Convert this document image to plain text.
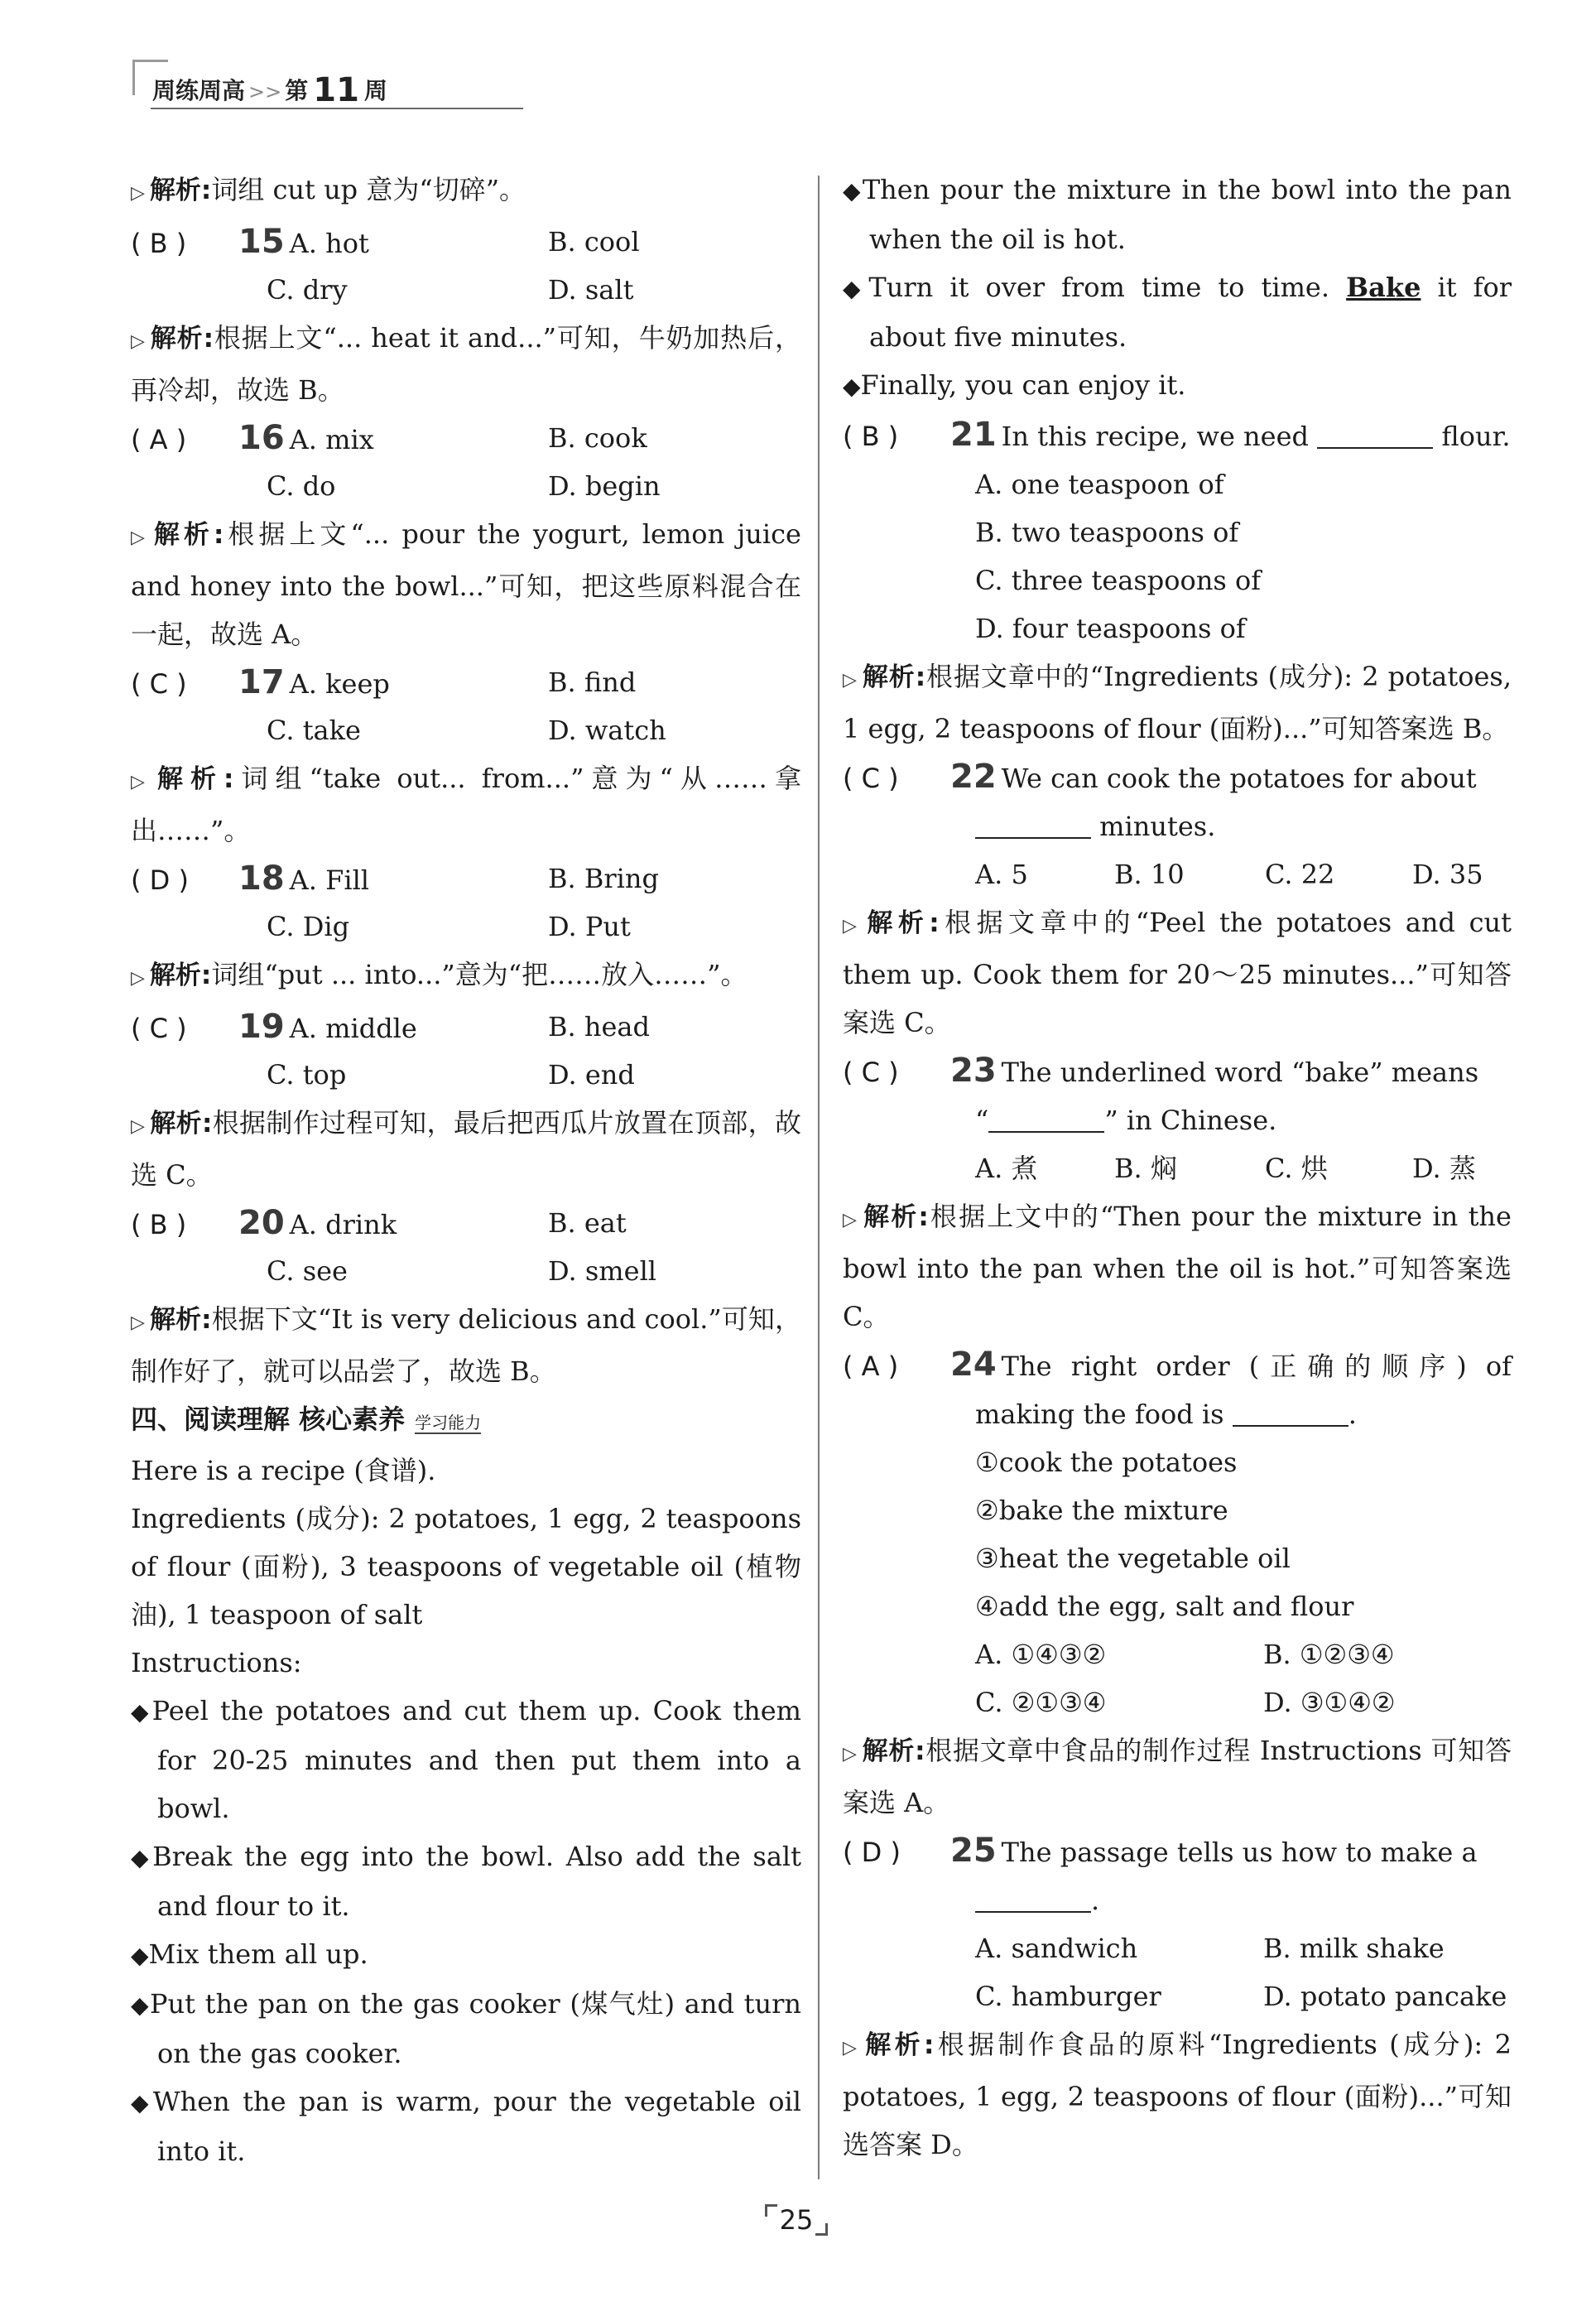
周练周高 >> 第 11 周

▷解析:词组 cut up 意为“切碎”。

( B ) 15 A. hot	B. cool
C. dry	D. salt

▷解析:根据上文“... heat it and...”可知，牛奶加热后，再冷却，故选 B。

( A ) 16 A. mix	B. cook
C. do	D. begin

▷解析:根据上文“... pour the yogurt, lemon juice and honey into the bowl...”可知，把这些原料混合在一起，故选 A。

( C ) 17 A. keep	B. find
C. take	D. watch

▷解析:词组“take out... from...”意为“从……拿出……”。

( D ) 18 A. Fill	B. Bring
C. Dig	D. Put

▷解析:词组“put ... into...”意为“把……放入……”。

( C ) 19 A. middle	B. head
C. top	D. end

▷解析:根据制作过程可知，最后把西瓜片放置在顶部，故选 C。

( B ) 20 A. drink	B. eat
C. see	D. smell

▷解析:根据下文“It is very delicious and cool.”可知，制作好了，就可以品尝了，故选 B。

四、阅读理解 核心素养 学习能力

Here is a recipe (食谱).

Ingredients (成分): 2 potatoes, 1 egg, 2 teaspoons of flour (面粉), 3 teaspoons of vegetable oil (植物油), 1 teaspoon of salt

Instructions:

◆Peel the potatoes and cut them up. Cook them for 20-25 minutes and then put them into a bowl.

◆Break the egg into the bowl. Also add the salt and flour to it.

◆Mix them all up.

◆Put the pan on the gas cooker (煤气灶) and turn on the gas cooker.

◆When the pan is warm, pour the vegetable oil into it.

◆Then pour the mixture in the bowl into the pan when the oil is hot.

◆Turn it over from time to time. Bake it for about five minutes.

◆Finally, you can enjoy it.

( B ) 21 In this recipe, we need	flour.

A. one teaspoon of

B. two teaspoons of

C. three teaspoons of

D. four teaspoons of

▷解析:根据文章中的“Ingredients (成分): 2 potatoes, 1 egg, 2 teaspoons of flour (面粉)...”可知答案选 B。

( C ) 22 We can cook the potatoes for about

minutes.

A. 5	B. 10	C. 22	D. 35

▷解析:根据文章中的“Peel the potatoes and cut them up. Cook them for 20～25 minutes...”可知答案选 C。

( C ) 23 The underlined word “bake” means

“	” in Chinese.

A. 煮	B. 焖	C. 烘	D. 蒸

▷解析:根据上文中的“Then pour the mixture in the bowl into the pan when the oil is hot.”可知答案选 C。

( A ) 24 The right order (正确的顺序) of making the food is	.

①cook the potatoes

②bake the mixture

③heat the vegetable oil

④add the egg, salt and flour

A. ①④③②	B. ①②③④
C. ②①③④	D. ③①④②

▷解析:根据文章中食品的制作过程 Instructions 可知答案选 A。

( D ) 25 The passage tells us how to make a

.

A. sandwich	B. milk shake
C. hamburger	D. potato pancake

▷解析:根据制作食品的原料“Ingredients (成分): 2 potatoes, 1 egg, 2 teaspoons of flour (面粉)...”可知选答案 D。

25
